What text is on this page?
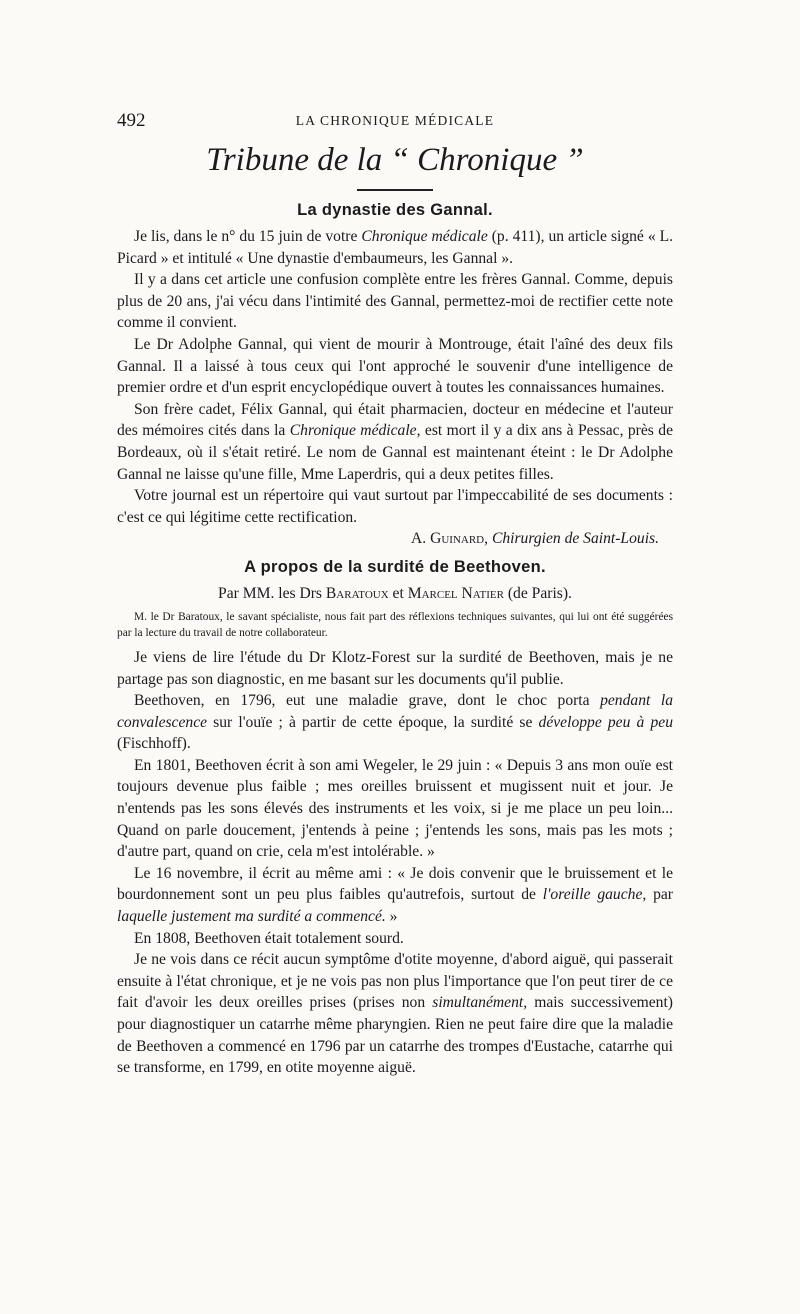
492	LA CHRONIQUE MÉDICALE
Tribune de la “ Chronique ”
La dynastie des Gannal.

Je lis, dans le n° du 15 juin de votre Chronique médicale (p. 411), un article signé « L. Picard » et intitulé « Une dynastie d'embaumeurs, les Gannal ».

Il y a dans cet article une confusion complète entre les frères Gannal. Comme, depuis plus de 20 ans, j'ai vécu dans l'intimité des Gannal, permettez-moi de rectifier cette note comme il convient.

Le Dr Adolphe Gannal, qui vient de mourir à Montrouge, était l'aîné des deux fils Gannal. Il a laissé à tous ceux qui l'ont approché le souvenir d'une intelligence de premier ordre et d'un esprit encyclopédique ouvert à toutes les connaissances humaines.

Son frère cadet, Félix Gannal, qui était pharmacien, docteur en médecine et l'auteur des mémoires cités dans la Chronique médicale, est mort il y a dix ans à Pessac, près de Bordeaux, où il s'était retiré. Le nom de Gannal est maintenant éteint : le Dr Adolphe Gannal ne laisse qu'une fille, Mme Laperdris, qui a deux petites filles.

Votre journal est un répertoire qui vaut surtout par l'impeccabilité de ses documents : c'est ce qui légitime cette rectification.

A. Guinard, Chirurgien de Saint-Louis.
A propos de la surdité de Beethoven.
Par MM. les Drs Baratoux et Marcel Natier (de Paris).
M. le Dr Baratoux, le savant spécialiste, nous fait part des réflexions techniques suivantes, qui lui ont été suggérées par la lecture du travail de notre collaborateur.

Je viens de lire l'étude du Dr Klotz-Forest sur la surdité de Beethoven, mais je ne partage pas son diagnostic, en me basant sur les documents qu'il publie.

Beethoven, en 1796, eut une maladie grave, dont le choc porta pendant la convalescence sur l'ouïe ; à partir de cette époque, la surdité se développe peu à peu (Fischhoff).

En 1801, Beethoven écrit à son ami Wegeler, le 29 juin : « Depuis 3 ans mon ouïe est toujours devenue plus faible ; mes oreilles bruissent et mugissent nuit et jour. Je n'entends pas les sons élevés des instruments et les voix, si je me place un peu loin... Quand on parle doucement, j'entends à peine ; j'entends les sons, mais pas les mots ; d'autre part, quand on crie, cela m'est intolérable. »

Le 16 novembre, il écrit au même ami : « Je dois convenir que le bruissement et le bourdonnement sont un peu plus faibles qu'autrefois, surtout de l'oreille gauche, par laquelle justement ma surdité a commencé. »

En 1808, Beethoven était totalement sourd.

Je ne vois dans ce récit aucun symptôme d'otite moyenne, d'abord aiguë, qui passerait ensuite à l'état chronique, et je ne vois pas non plus l'importance que l'on peut tirer de ce fait d'avoir les deux oreilles prises (prises non simultanément, mais successivement) pour diagnostiquer un catarrhe même pharyngien. Rien ne peut faire dire que la maladie de Beethoven a commencé en 1796 par un catarrhe des trompes d'Eustache, catarrhe qui se transforme, en 1799, en otite moyenne aiguë.
